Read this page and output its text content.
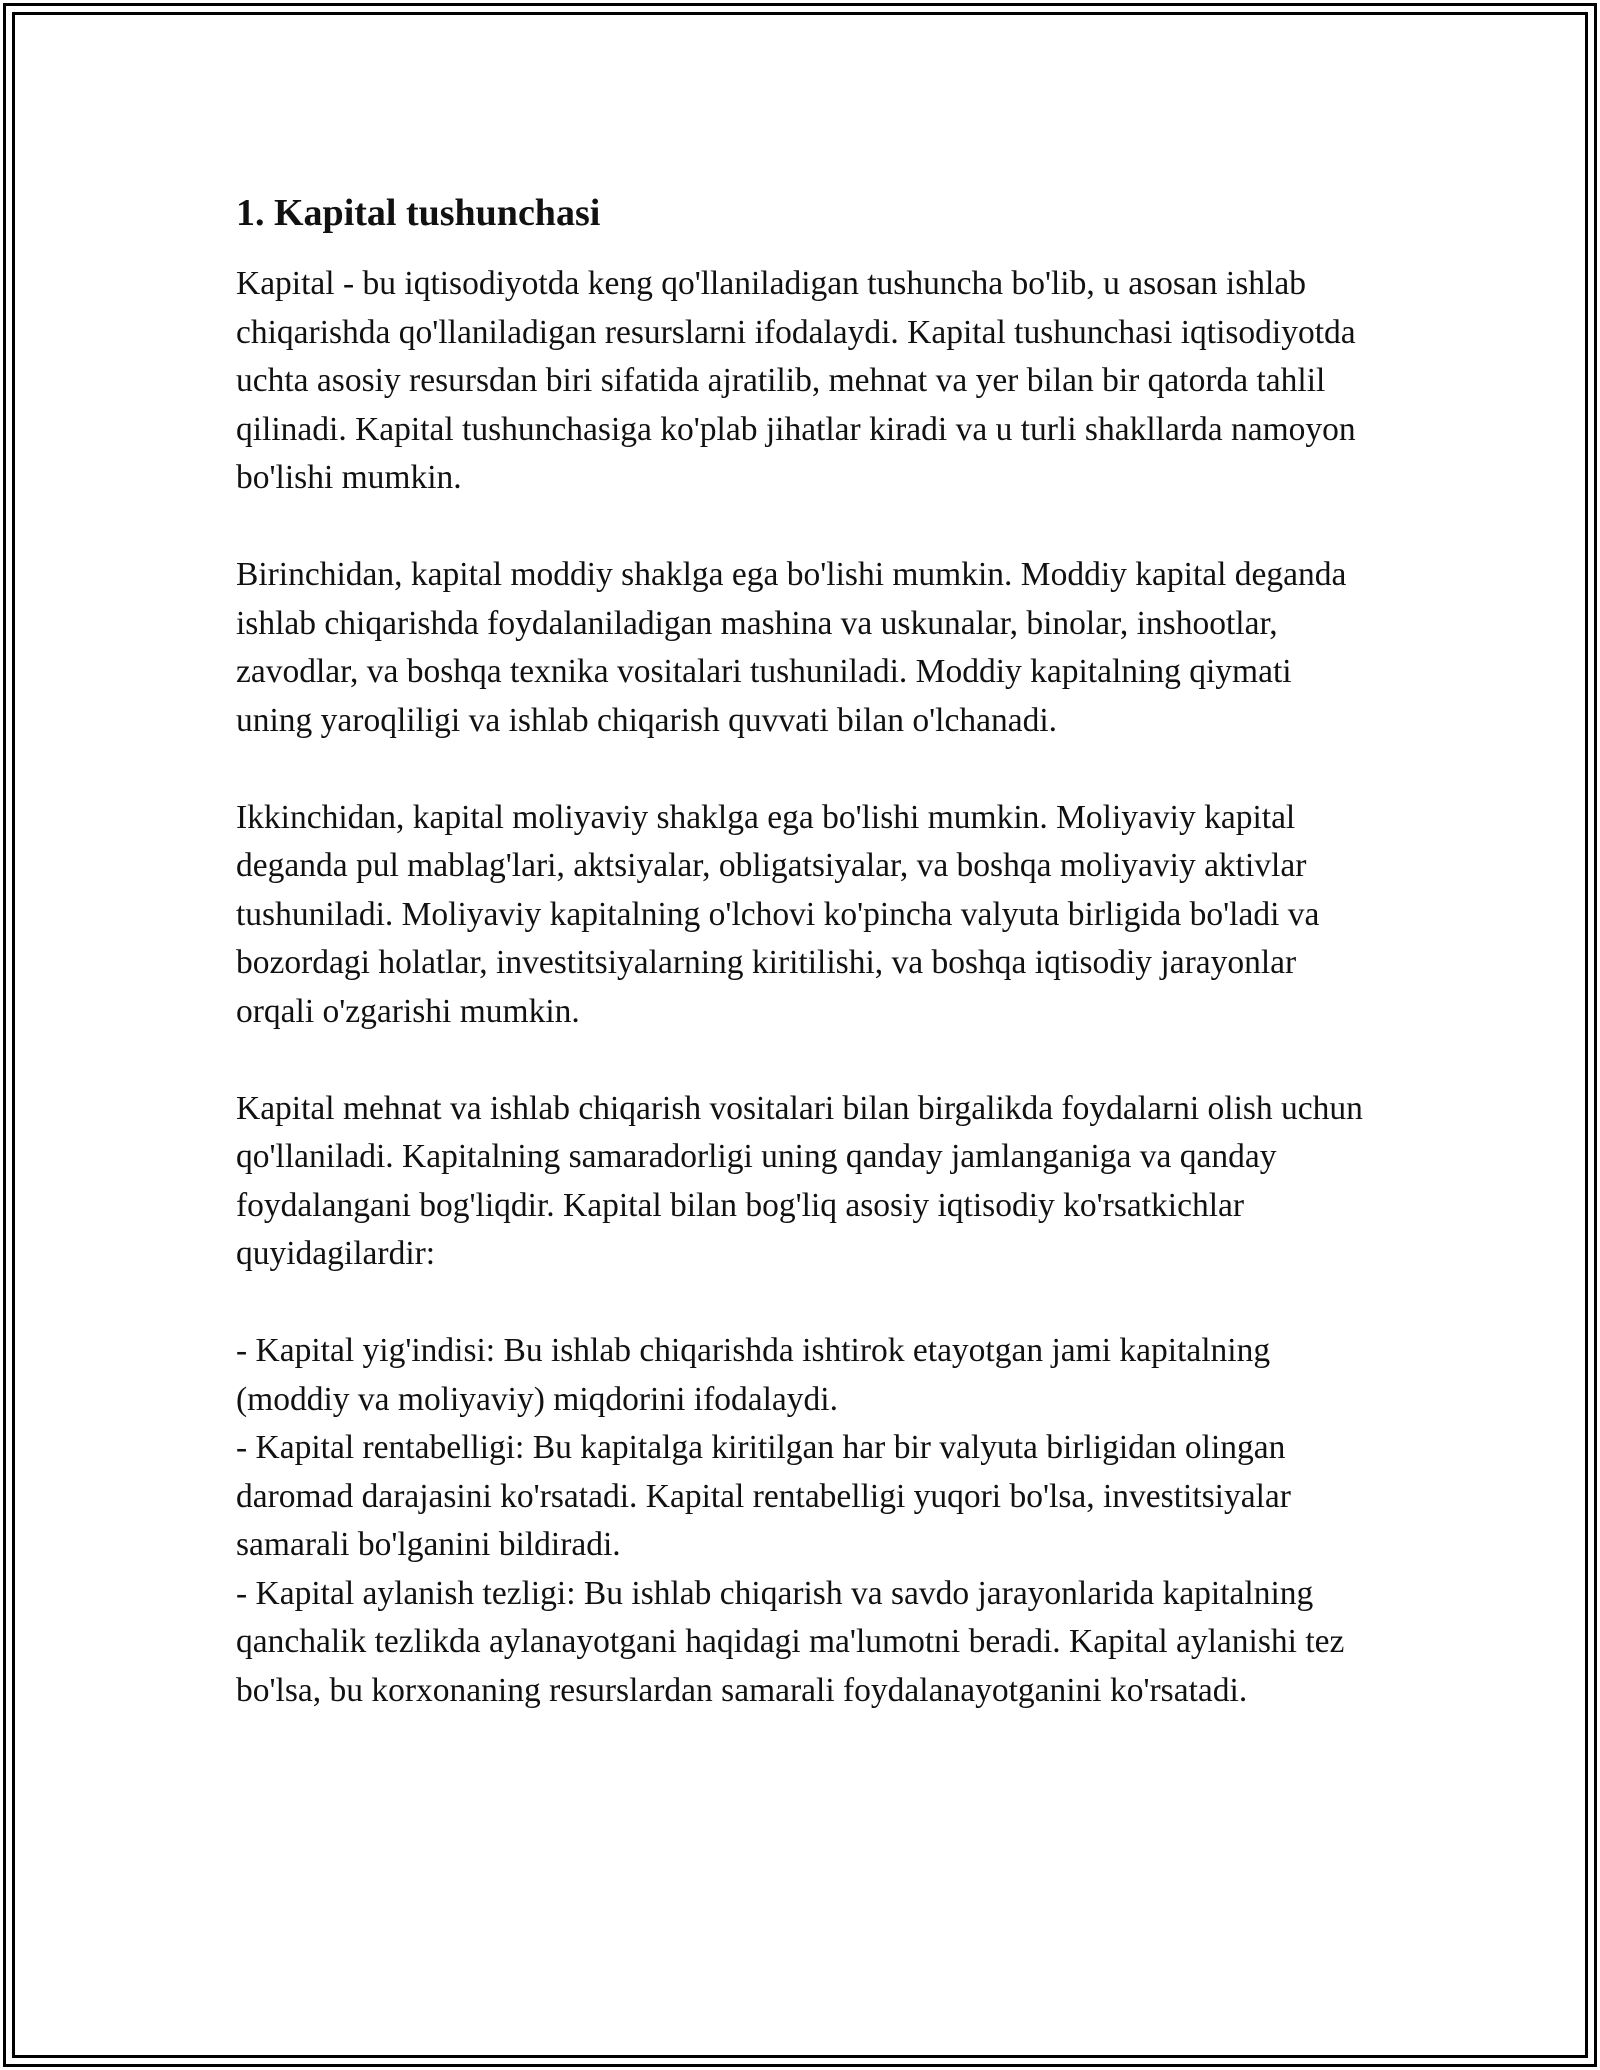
1. Kapital tushunchasi

Kapital - bu iqtisodiyotda keng qo'llaniladigan tushuncha bo'lib, u asosan ishlab chiqarishda qo'llaniladigan resurslarni ifodalaydi. Kapital tushunchasi iqtisodiyotda uchta asosiy resursdan biri sifatida ajratilib, mehnat va yer bilan bir qatorda tahlil qilinadi. Kapital tushunchasiga ko'plab jihatlar kiradi va u turli shakllarda namoyon bo'lishi mumkin.

Birinchidan, kapital moddiy shaklga ega bo'lishi mumkin. Moddiy kapital deganda ishlab chiqarishda foydalaniladigan mashina va uskunalar, binolar, inshootlar, zavodlar, va boshqa texnika vositalari tushuniladi. Moddiy kapitalning qiymati uning yaroqliligi va ishlab chiqarish quvvati bilan o'lchanadi.

Ikkinchidan, kapital moliyaviy shaklga ega bo'lishi mumkin. Moliyaviy kapital deganda pul mablag'lari, aktsiyalar, obligatsiyalar, va boshqa moliyaviy aktivlar tushuniladi. Moliyaviy kapitalning o'lchovi ko'pincha valyuta birligida bo'ladi va bozordagi holatlar, investitsiyalarning kiritilishi, va boshqa iqtisodiy jarayonlar orqali o'zgarishi mumkin.

Kapital mehnat va ishlab chiqarish vositalari bilan birgalikda foydalarni olish uchun qo'llaniladi. Kapitalning samaradorligi uning qanday jamlanganiga va qanday foydalangani bog'liqdir. Kapital bilan bog'liq asosiy iqtisodiy ko'rsatkichlar quyidagilardir:

- Kapital yig'indisi: Bu ishlab chiqarishda ishtirok etayotgan jami kapitalning (moddiy va moliyaviy) miqdorini ifodalaydi.
- Kapital rentabelligi: Bu kapitalga kiritilgan har bir valyuta birligidan olingan daromad darajasini ko'rsatadi. Kapital rentabelligi yuqori bo'lsa, investitsiyalar samarali bo'lganini bildiradi.
- Kapital aylanish tezligi: Bu ishlab chiqarish va savdo jarayonlarida kapitalning qanchalik tezlikda aylanayotgani haqidagi ma'lumotni beradi. Kapital aylanishi tez bo'lsa, bu korxonaning resurslardan samarali foydalanayotganini ko'rsatadi.
